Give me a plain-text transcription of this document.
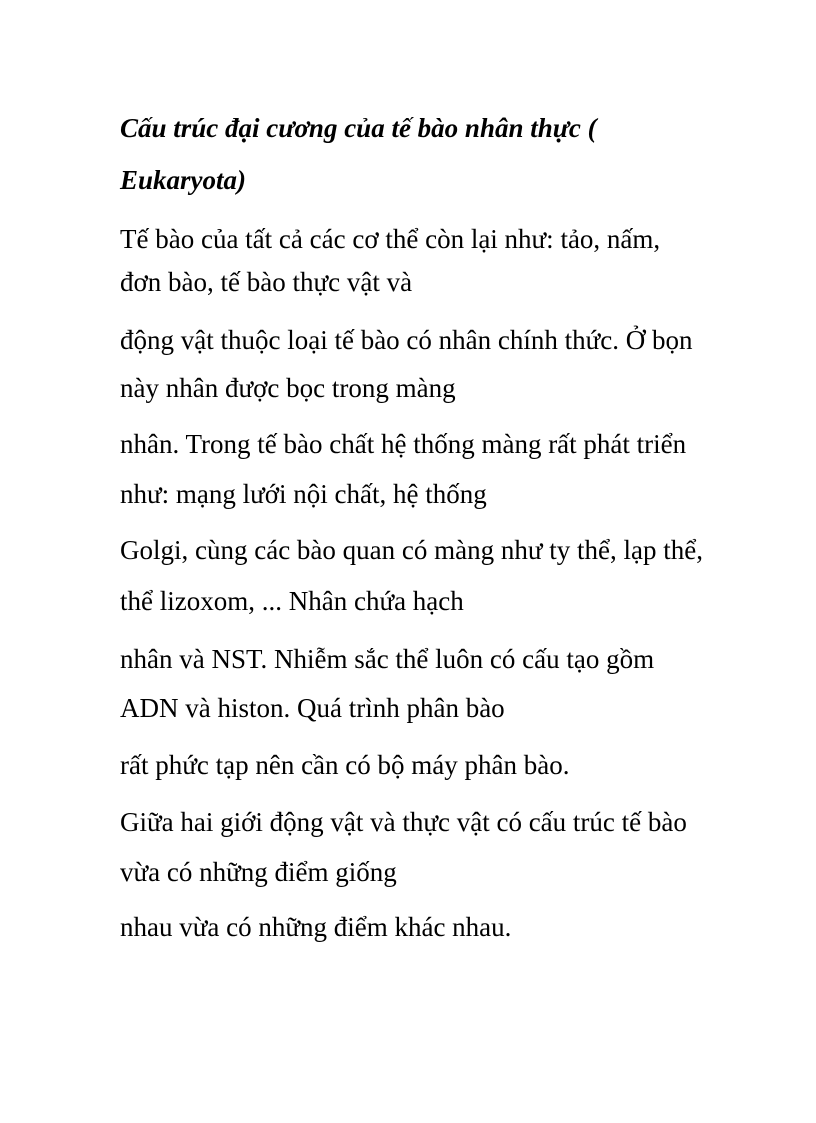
Cấu trúc đại cương của tế bào nhân thực (
Eukaryota)
Tế bào của tất cả các cơ thể còn lại như: tảo, nấm,
đơn bào, tế bào thực vật và
động vật thuộc loại tế bào có nhân chính thức. Ở bọn
này nhân được bọc trong màng
nhân. Trong tế bào chất hệ thống màng rất phát triển
như: mạng lưới nội chất, hệ thống
Golgi, cùng các bào quan có màng như ty thể, lạp thể,
thể lizoxom, ... Nhân chứa hạch
nhân và NST. Nhiễm sắc thể luôn có cấu tạo gồm
ADN và histon. Quá trình phân bào
rất phức tạp nên cần có bộ máy phân bào.
Giữa hai giới động vật và thực vật có cấu trúc tế bào
vừa có những điểm giống
nhau vừa có những điểm khác nhau.
